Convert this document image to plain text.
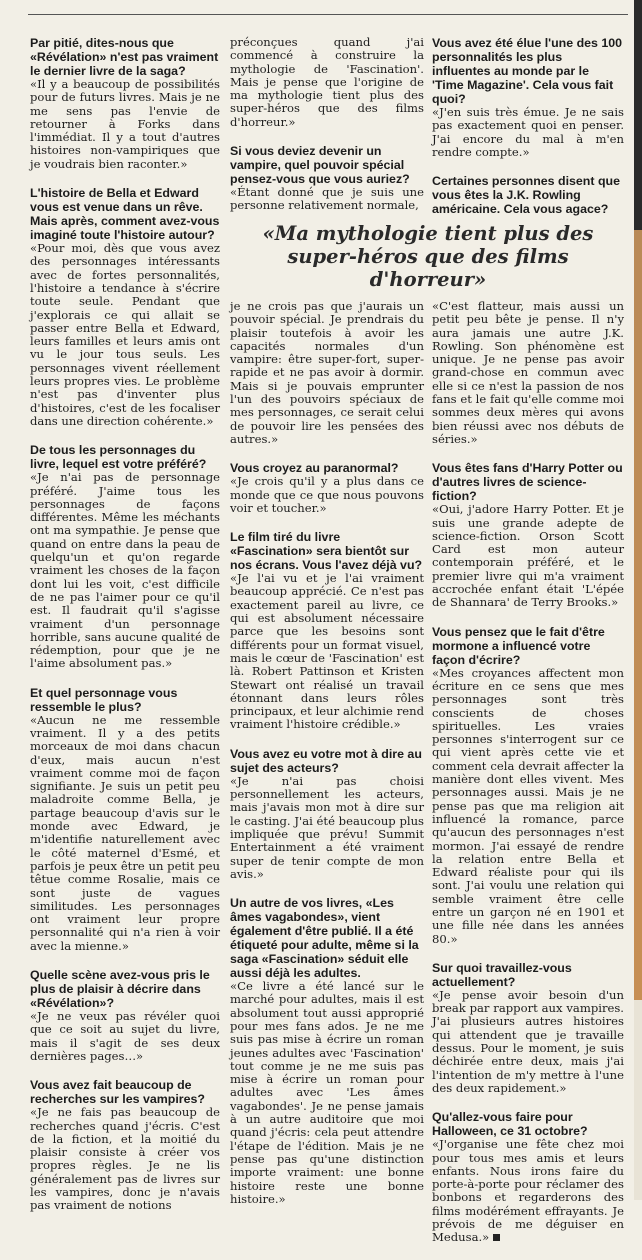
Par pitié, dites-nous que «Révélation» n'est pas vraiment le dernier livre de la saga?

«Il y a beaucoup de possibilités pour de futurs livres. Mais je ne me sens pas l'envie de retourner à Forks dans l'immédiat. Il y a tout d'autres histoires non-vampiriques que je voudrais bien raconter.»

L'histoire de Bella et Edward vous est venue dans un rêve. Mais après, comment avez-vous imaginé toute l'histoire autour?

«Pour moi, dès que vous avez des personnages intéressants avec de fortes personnalités, l'histoire a tendance à s'écrire toute seule. Pendant que j'explorais ce qui allait se passer entre Bella et Edward, leurs familles et leurs amis ont vu le jour tous seuls. Les personnages vivent réellement leurs propres vies. Le problème n'est pas d'inventer plus d'histoires, c'est de les focaliser dans une direction cohérente.»

De tous les personnages du livre, lequel est votre préféré?

«Je n'ai pas de personnage préféré. J'aime tous les personnages de façons différentes. Même les méchants ont ma sympathie. Je pense que quand on entre dans la peau de quelqu'un et qu'on regarde vraiment les choses de la façon dont lui les voit, c'est difficile de ne pas l'aimer pour ce qu'il est. Il faudrait qu'il s'agisse vraiment d'un personnage horrible, sans aucune qualité de rédemption, pour que je ne l'aime absolument pas.»

Et quel personnage vous ressemble le plus?

«Aucun ne me ressemble vraiment. Il y a des petits morceaux de moi dans chacun d'eux, mais aucun n'est vraiment comme moi de façon signifiante. Je suis un petit peu maladroite comme Bella, je partage beaucoup d'avis sur le monde avec Edward, je m'identifie naturellement avec le côté maternel d'Esmé, et parfois je peux être un petit peu têtue comme Rosalie, mais ce sont juste de vagues similitudes. Les personnages ont vraiment leur propre personnalité qui n'a rien à voir avec la mienne.»

Quelle scène avez-vous pris le plus de plaisir à décrire dans «Révélation»?

«Je ne veux pas révéler quoi que ce soit au sujet du livre, mais il s'agit de ses deux dernières pages…»

Vous avez fait beaucoup de recherches sur les vampires?

«Je ne fais pas beaucoup de recherches quand j'écris. C'est de la fiction, et la moitié du plaisir consiste à créer vos propres règles. Je ne lis généralement pas de livres sur les vampires, donc je n'avais pas vraiment de notions

préconçues quand j'ai commencé à construire la mythologie de 'Fascination'. Mais je pense que l'origine de ma mythologie tient plus des super-héros que des films d'horreur.»

Si vous deviez devenir un vampire, quel pouvoir spécial pensez-vous que vous auriez?

«Étant donné que je suis une personne relativement normale,

Vous avez été élue l'une des 100 personnalités les plus influentes au monde par le 'Time Magazine'. Cela vous fait quoi?

«J'en suis très émue. Je ne sais pas exactement quoi en penser. J'ai encore du mal à m'en rendre compte.»

Certaines personnes disent que vous êtes la J.K. Rowling américaine. Cela vous agace?

«Ma mythologie tient plus des super-héros que des films d'horreur»

je ne crois pas que j'aurais un pouvoir spécial. Je prendrais du plaisir toutefois à avoir les capacités normales d'un vampire: être super-fort, super-rapide et ne pas avoir à dormir. Mais si je pouvais emprunter l'un des pouvoirs spéciaux de mes personnages, ce serait celui de pouvoir lire les pensées des autres.»

Vous croyez au paranormal?

«Je crois qu'il y a plus dans ce monde que ce que nous pouvons voir et toucher.»

Le film tiré du livre «Fascination» sera bientôt sur nos écrans. Vous l'avez déjà vu?

«Je l'ai vu et je l'ai vraiment beaucoup apprécié. Ce n'est pas exactement pareil au livre, ce qui est absolument nécessaire parce que les besoins sont différents pour un format visuel, mais le cœur de 'Fascination' est là. Robert Pattinson et Kristen Stewart ont réalisé un travail étonnant dans leurs rôles principaux, et leur alchimie rend vraiment l'histoire crédible.»

Vous avez eu votre mot à dire au sujet des acteurs?

«Je n'ai pas choisi personnellement les acteurs, mais j'avais mon mot à dire sur le casting. J'ai été beaucoup plus impliquée que prévu! Summit Entertainment a été vraiment super de tenir compte de mon avis.»

Un autre de vos livres, «Les âmes vagabondes», vient également d'être publié. Il a été étiqueté pour adulte, même si la saga «Fascination» séduit elle aussi déjà les adultes.

«Ce livre a été lancé sur le marché pour adultes, mais il est absolument tout aussi approprié pour mes fans ados. Je ne me suis pas mise à écrire un roman jeunes adultes avec 'Fascination' tout comme je ne me suis pas mise à écrire un roman pour adultes avec 'Les âmes vagabondes'. Je ne pense jamais à un autre auditoire que moi quand j'écris: cela peut attendre l'étape de l'édition. Mais je ne pense pas qu'une distinction importe vraiment: une bonne histoire reste une bonne histoire.»

«C'est flatteur, mais aussi un petit peu bête je pense. Il n'y aura jamais une autre J.K. Rowling. Son phénomène est unique. Je ne pense pas avoir grand-chose en commun avec elle si ce n'est la passion de nos fans et le fait qu'elle comme moi sommes deux mères qui avons bien réussi avec nos débuts de séries.»

Vous êtes fans d'Harry Potter ou d'autres livres de science-fiction?

«Oui, j'adore Harry Potter. Et je suis une grande adepte de science-fiction. Orson Scott Card est mon auteur contemporain préféré, et le premier livre qui m'a vraiment accrochée enfant était 'L'épée de Shannara' de Terry Brooks.»

Vous pensez que le fait d'être mormone a influencé votre façon d'écrire?

«Mes croyances affectent mon écriture en ce sens que mes personnages sont très conscients de choses spirituelles. Les vraies personnes s'interrogent sur ce qui vient après cette vie et comment cela devrait affecter la manière dont elles vivent. Mes personnages aussi. Mais je ne pense pas que ma religion ait influencé la romance, parce qu'aucun des personnages n'est mormon. J'ai essayé de rendre la relation entre Bella et Edward réaliste pour qui ils sont. J'ai voulu une relation qui semble vraiment être celle entre un garçon né en 1901 et une fille née dans les années 80.»

Sur quoi travaillez-vous actuellement?

«Je pense avoir besoin d'un break par rapport aux vampires. J'ai plusieurs autres histoires qui attendent que je travaille dessus. Pour le moment, je suis déchirée entre deux, mais j'ai l'intention de m'y mettre à l'une des deux rapidement.»

Qu'allez-vous faire pour Halloween, ce 31 octobre?

«J'organise une fête chez moi pour tous mes amis et leurs enfants. Nous irons faire du porte-à-porte pour réclamer des bonbons et regarderons des films modérément effrayants. Je prévois de me déguiser en Medusa.»
